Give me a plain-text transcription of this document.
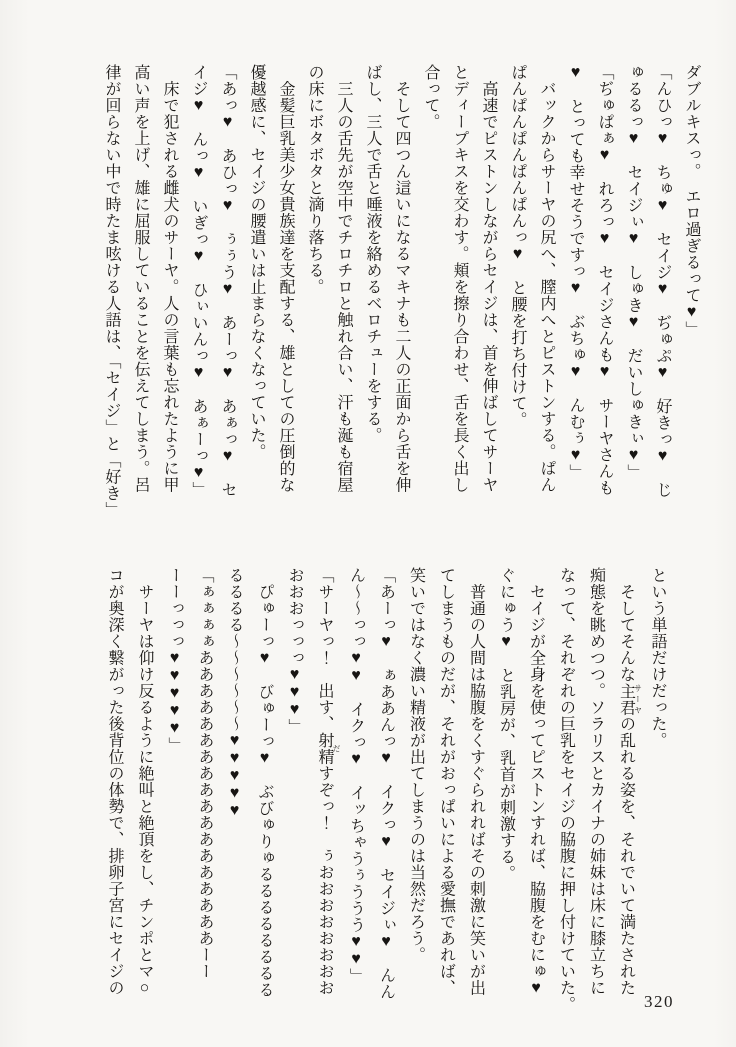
ダブルキスっ。　エロ過ぎるって♥」
「んひっ♥　ちゅ♥　セイジ♥　ぢゅぷ♥　好きっ♥　じ
ゅるるっ♥　セイジぃ♥　しゅき♥　だいしゅきぃ♥」
「ぢゅぱぁ♥　れろっ♥　セイジさんも♥　サーヤさんも
♥　とっても幸せそうですっ♥　ぶちゅ♥　んむぅ♥」
　バックからサーヤの尻へ、膣内へとピストンする。ぱん
ぱんぱんぱんぱんぱんっ♥　と腰を打ち付けて。
　高速でピストンしながらセイジは、首を伸ばしてサーヤ
とディープキスを交わす。頬を擦り合わせ、舌を長く出し
合って。
　そして四つん這いになるマキナも二人の正面から舌を伸
ばし、三人で舌と唾液を絡めるベロチューをする。
　三人の舌先が空中でチロチロと触れ合い、汗も涎も宿屋
の床にボタボタと滴り落ちる。
　金髪巨乳美少女貴族達を支配する、雄としての圧倒的な
優越感に、セイジの腰遣いは止まらなくなっていた。
「あっ♥　あひっ♥　ぅぅう♥　あーっ♥　あぁっ♥　セ
イジ♥　んっ♥　いぎっ♥　ひぃいんっ♥　あぁーっ♥」
　床で犯される雌犬のサーヤ。人の言葉も忘れたように甲
高い声を上げ、雄に屈服していることを伝えてしまう。呂
律が回らない中で時たま呟ける人語は、「セイジ」と「好き」
という単語だけだった。
　そしてそんな主君 サーヤの乱れる姿を、それでいて満たされた
痴態を眺めつつ。ソラリスとカイナの姉妹は床に膝立ちに
なって、それぞれの巨乳をセイジの脇腹に押し付けていた。
　セイジが全身を使ってピストンすれば、脇腹をむにゅ♥
ぐにゅう♥　と乳房が、乳首が刺激する。
　普通の人間は脇腹をくすぐられればその刺激に笑いが出
てしまうものだが、それがおっぱいによる愛撫であれば、
笑いではなく濃い精液が出てしまうのは当然だろう。
「あーっ♥　ぁああんっ♥　イクっ♥　セイジぃ♥　んん
ん～～っっ♥♥　イクっ♥　イッちゃうぅううう♥♥」
「サーヤっ！　出す、射精 だすぞっ！　ぅおおおおおおおお
おおおっっっ♥♥♥」
　ぴゅーっ♥　びゅーっ♥　ぶびゅりゅるるるるるるるる
るるるる～～～～～～♥♥♥♥♥
「ぁぁぁぁああああああああああああああああああーー
ーーっっっ♥♥♥♥♥」
　サーヤは仰け反るように絶叫と絶頂をし、チンポとマ○
コが奥深く繋がった後背位の体勢で、排卵子宮にセイジの
320
